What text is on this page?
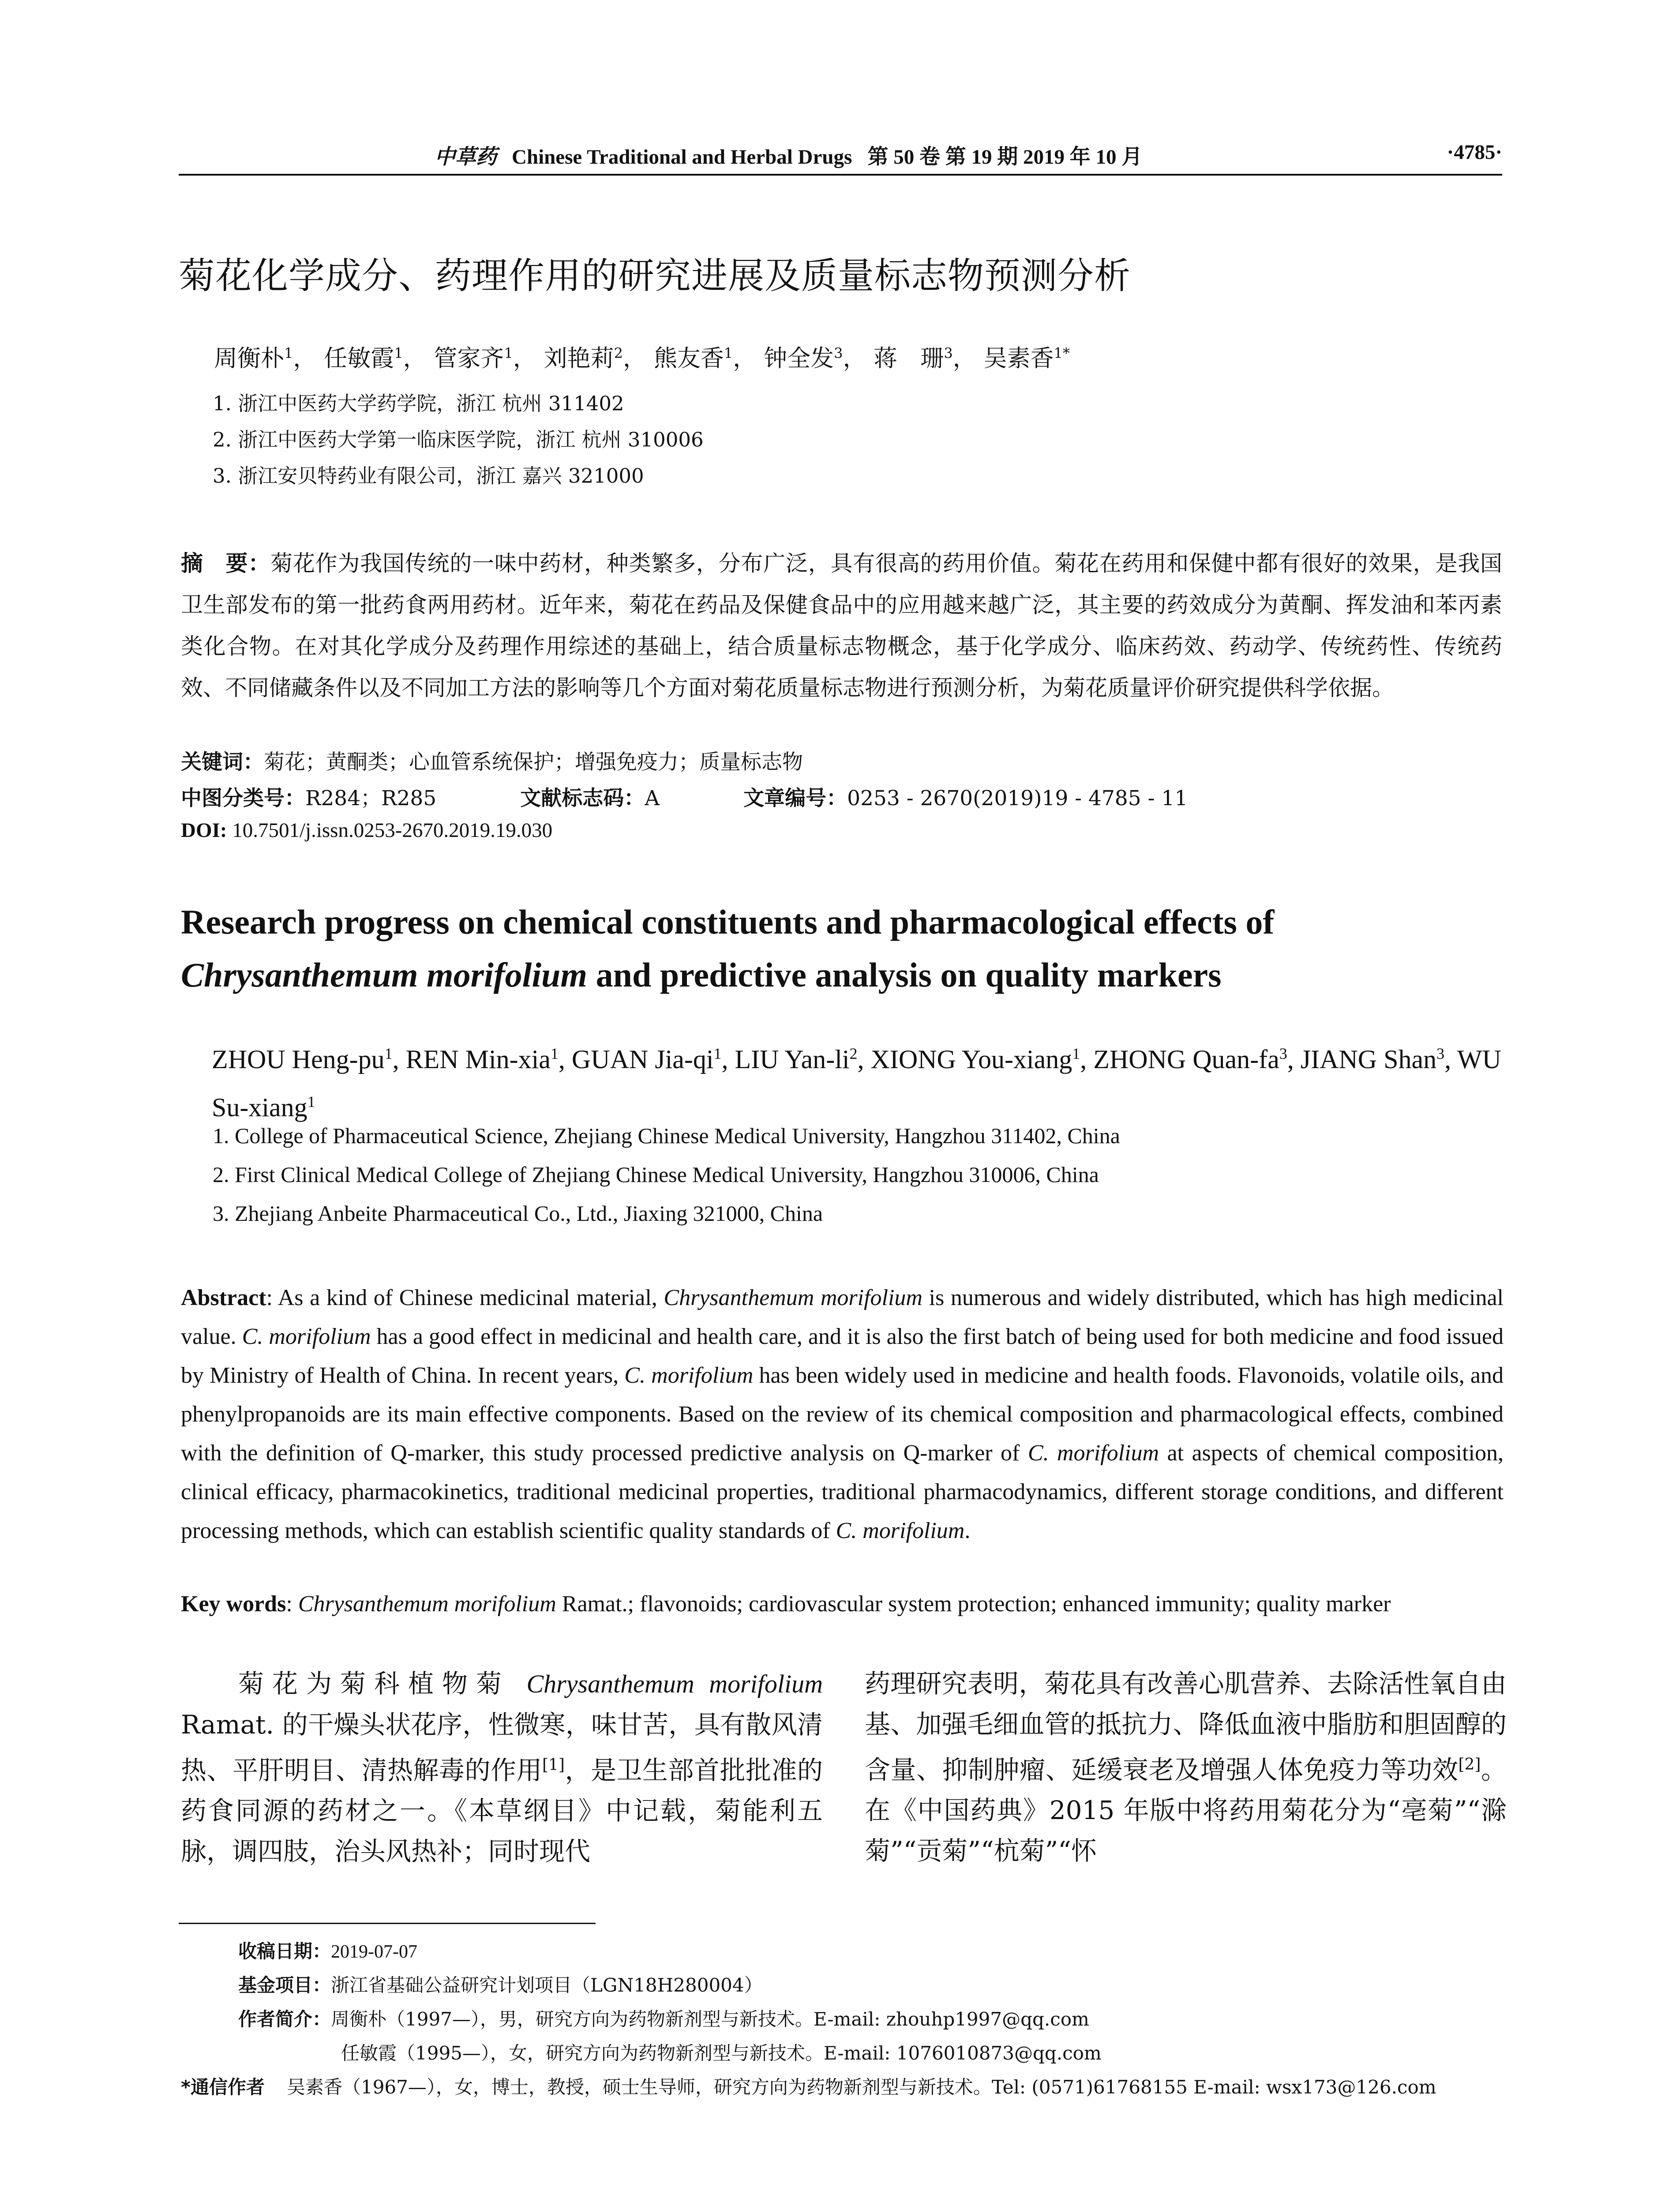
中草药 Chinese Traditional and Herbal Drugs 第 50 卷 第 19 期 2019 年 10 月	·4785·
菊花化学成分、药理作用的研究进展及质量标志物预测分析
周衡朴$^1$， 任敏霞$^1$， 管家齐$^1$， 刘艳莉$^2$， 熊友香$^1$， 钟全发$^3$， 蒋　珊$^3$， 吴素香$^{1*}$
1. 浙江中医药大学药学院，浙江 杭州 311402
2. 浙江中医药大学第一临床医学院，浙江 杭州 310006
3. 浙江安贝特药业有限公司，浙江 嘉兴 321000
摘　要：菊花作为我国传统的一味中药材，种类繁多，分布广泛，具有很高的药用价值。菊花在药用和保健中都有很好的效果，是我国卫生部发布的第一批药食两用药材。近年来，菊花在药品及保健食品中的应用越来越广泛，其主要的药效成分为黄酮、挥发油和苯丙素类化合物。在对其化学成分及药理作用综述的基础上，结合质量标志物概念，基于化学成分、临床药效、药动学、传统药性、传统药效、不同储藏条件以及不同加工方法的影响等几个方面对菊花质量标志物进行预测分析，为菊花质量评价研究提供科学依据。
关键词：菊花；黄酮类；心血管系统保护；增强免疫力；质量标志物
中图分类号：R284；R285	文献标志码：A	文章编号：0253 - 2670(2019)19 - 4785 - 11
DOI: 10.7501/j.issn.0253-2670.2019.19.030
Research progress on chemical constituents and pharmacological effects of
Chrysanthemum morifolium and predictive analysis on quality markers
ZHOU Heng-$pu^1$, REN Min-xia$^1$, GUAN Jia-$qi^1$, LIU Yan-$li^2$, XIONG You-xiang$^1$, ZHONG Quan-$fa^3$, JIANG Shan$^3$, WU Su-xiang$^1$
1. College of Pharmaceutical Science, Zhejiang Chinese Medical University, Hangzhou 311402, China
2. First Clinical Medical College of Zhejiang Chinese Medical University, Hangzhou 310006, China
3. Zhejiang Anbeite Pharmaceutical Co., Ltd., Jiaxing 321000, China
Abstract: As a kind of Chinese medicinal material, Chrysanthemum morifolium is numerous and widely distributed, which has high medicinal value. C. morifolium has a good effect in medicinal and health care, and it is also the first batch of being used for both medicine and food issued by Ministry of Health of China. In recent years, C. morifolium has been widely used in medicine and health foods. Flavonoids, volatile oils, and phenylpropanoids are its main effective components. Based on the review of its chemical composition and pharmacological effects, combined with the definition of Q-marker, this study processed predictive analysis on Q-marker of C. morifolium at aspects of chemical composition, clinical efficacy, pharmacokinetics, traditional medicinal properties, traditional pharmacodynamics, different storage conditions, and different processing methods, which can establish scientific quality standards of C. morifolium.
Key words: Chrysanthemum morifolium Ramat.; flavonoids; cardiovascular system protection; enhanced immunity; quality marker
菊花为菊科植物菊 Chrysanthemum morifolium Ramat. 的干燥头状花序，性微寒，味甘苦，具有散风清热、平肝明目、清热解毒的作用[1]，是卫生部首批批准的药食同源的药材之一。《本草纲目》中记载，菊能利五脉，调四肢，治头风热补；同时现代
药理研究表明，菊花具有改善心肌营养、去除活性氧自由基、加强毛细血管的抵抗力、降低血液中脂肪和胆固醇的含量、抑制肿瘤、延缓衰老及增强人体免疫力等功效[2]。在《中国药典》2015 年版中将药用菊花分为“亳菊”“滁菊”“贡菊”“杭菊”“怀
收稿日期：2019-07-07
基金项目：浙江省基础公益研究计划项目（LGN18H280004）
作者简介：周衡朴（1997—），男，研究方向为药物新剂型与新技术。E-mail: zhouhp1997@qq.com
任敏霞（1995—），女，研究方向为药物新剂型与新技术。E-mail: 1076010873@qq.com
*通信作者 吴素香（1967—），女，博士，教授，硕士生导师，研究方向为药物新剂型与新技术。Tel: (0571)61768155 E-mail: wsx173@126.com
